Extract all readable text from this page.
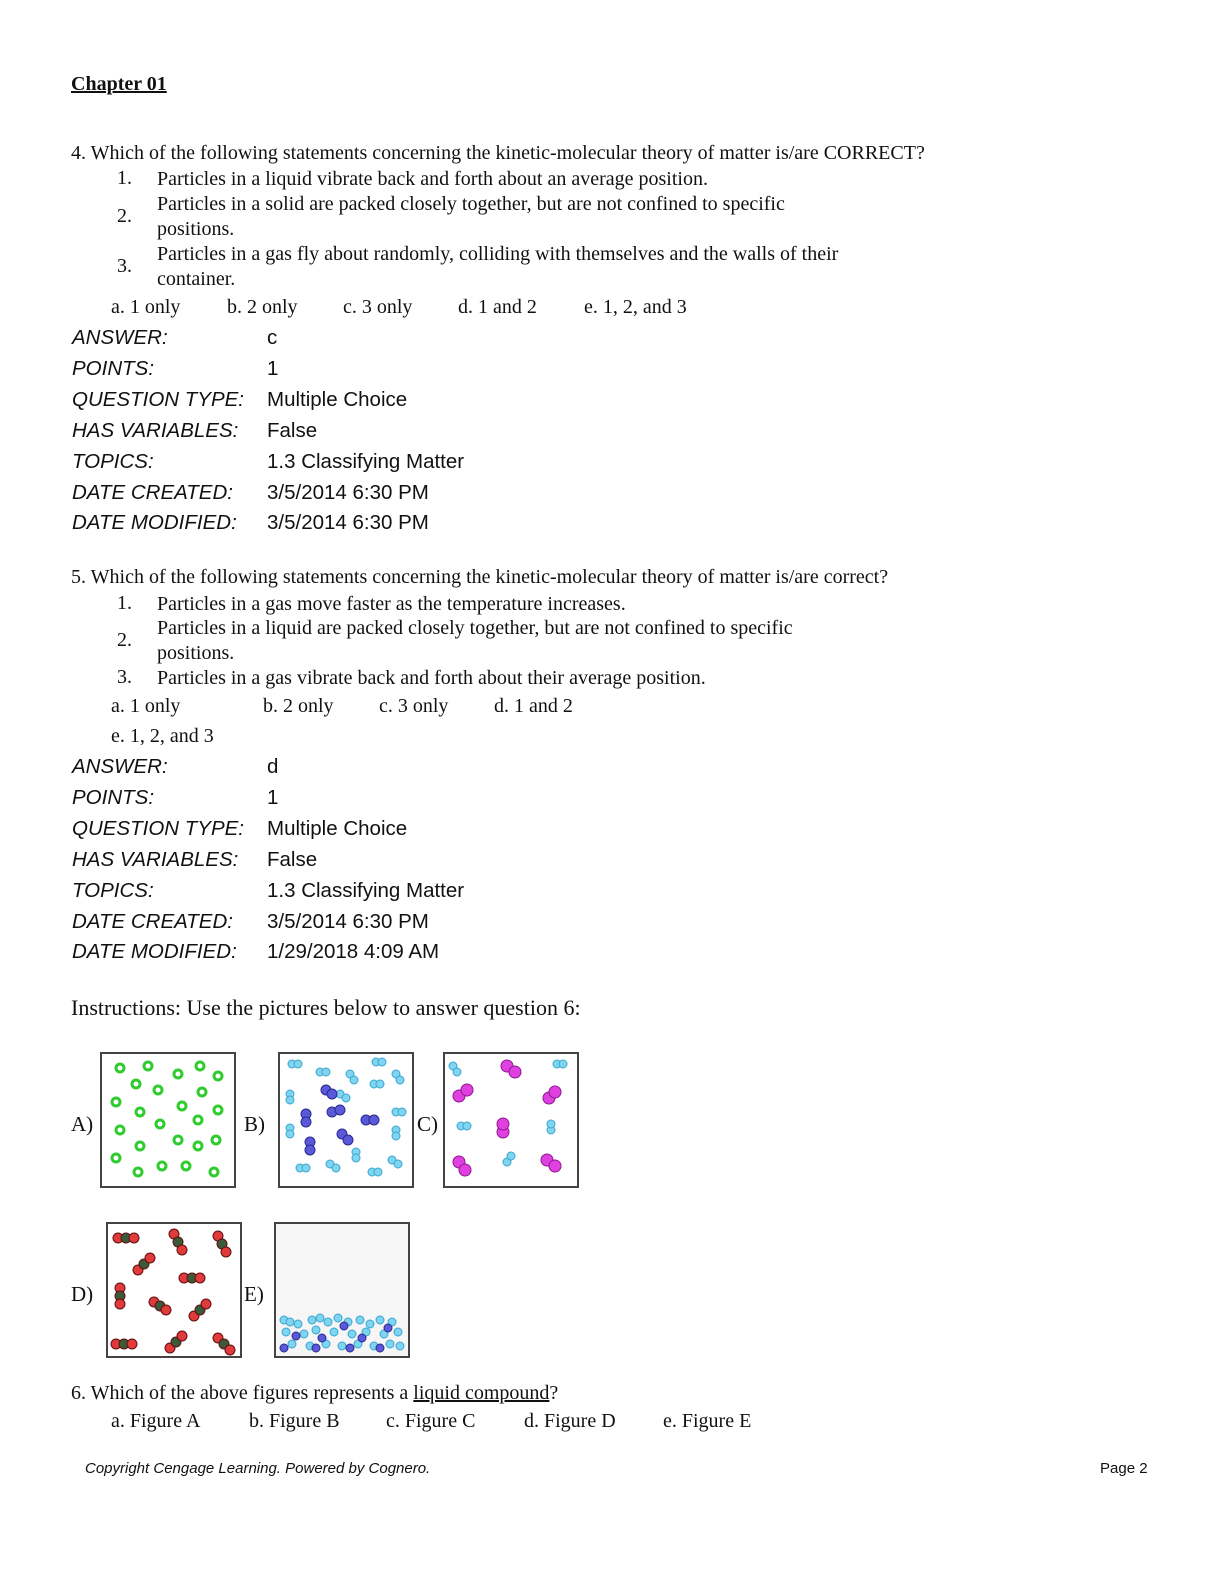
Chapter 01
4. Which of the following statements concerning the kinetic-molecular theory of matter is/are CORRECT?
1. Particles in a liquid vibrate back and forth about an average position.
2.
Particles in a solid are packed closely together, but are not confined to specific positions.
3.
Particles in a gas fly about randomly, colliding with themselves and the walls of their container.
a. 1 only b. 2 only c. 3 only d. 1 and 2 e. 1, 2, and 3
ANSWER:	c
POINTS:	1
QUESTION TYPE: Multiple Choice
HAS VARIABLES: False
TOPICS:	1.3 Classifying Matter
DATE CREATED: 3/5/2014 6:30 PM
DATE MODIFIED: 3/5/2014 6:30 PM
5. Which of the following statements concerning the kinetic-molecular theory of matter is/are correct?
1. Particles in a gas move faster as the temperature increases.
2.
Particles in a liquid are packed closely together, but are not confined to specific positions.
3. Particles in a gas vibrate back and forth about their average position.
a. 1 only	b. 2 only c. 3 only d. 1 and 2
e. 1, 2, and 3
ANSWER:	d
POINTS:	1
QUESTION TYPE: Multiple Choice
HAS VARIABLES: False
TOPICS:	1.3 Classifying Matter
DATE CREATED: 3/5/2014 6:30 PM
DATE MODIFIED: 1/29/2018 4:09 AM
Instructions: Use the pictures below to answer question 6:
A)	B)	C)
D)	E)
6. Which of the above figures represents a liquid compound?
a. Figure A b. Figure B c. Figure C d. Figure D e. Figure E
Copyright Cengage Learning. Powered by Cognero.	Page 2
